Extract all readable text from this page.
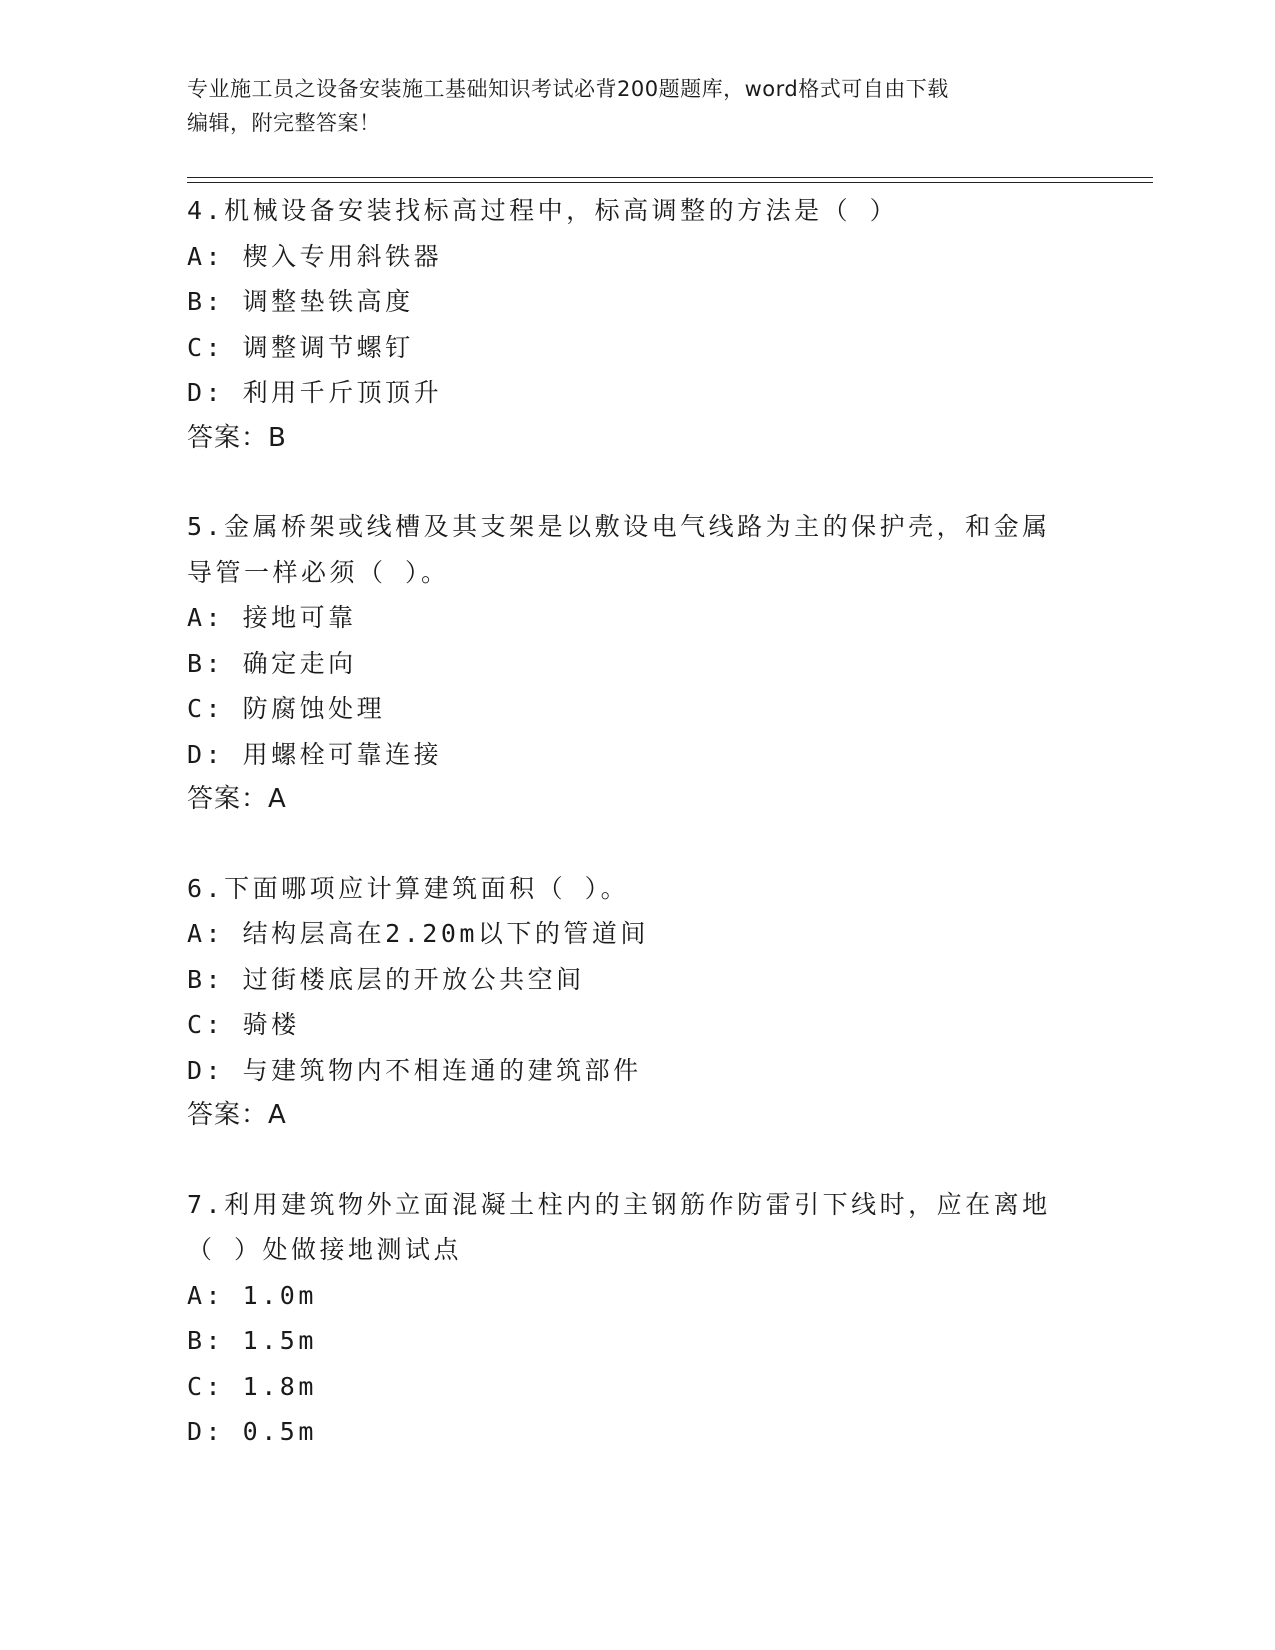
专业施工员之设备安装施工基础知识考试必背200题题库，word格式可自由下载
编辑，附完整答案！
4.机械设备安装找标高过程中，标高调整的方法是（ ）
A: 楔入专用斜铁器
B: 调整垫铁高度
C: 调整调节螺钉
D: 利用千斤顶顶升
答案：B
5.金属桥架或线槽及其支架是以敷设电气线路为主的保护壳，和金属
导管一样必须（ ）。
A: 接地可靠
B: 确定走向
C: 防腐蚀处理
D: 用螺栓可靠连接
答案：A
6.下面哪项应计算建筑面积（ ）。
A: 结构层高在2.20m以下的管道间
B: 过街楼底层的开放公共空间
C: 骑楼
D: 与建筑物内不相连通的建筑部件
答案：A
7.利用建筑物外立面混凝土柱内的主钢筋作防雷引下线时，应在离地
（ ）处做接地测试点
A: 1.0m
B: 1.5m
C: 1.8m
D: 0.5m
